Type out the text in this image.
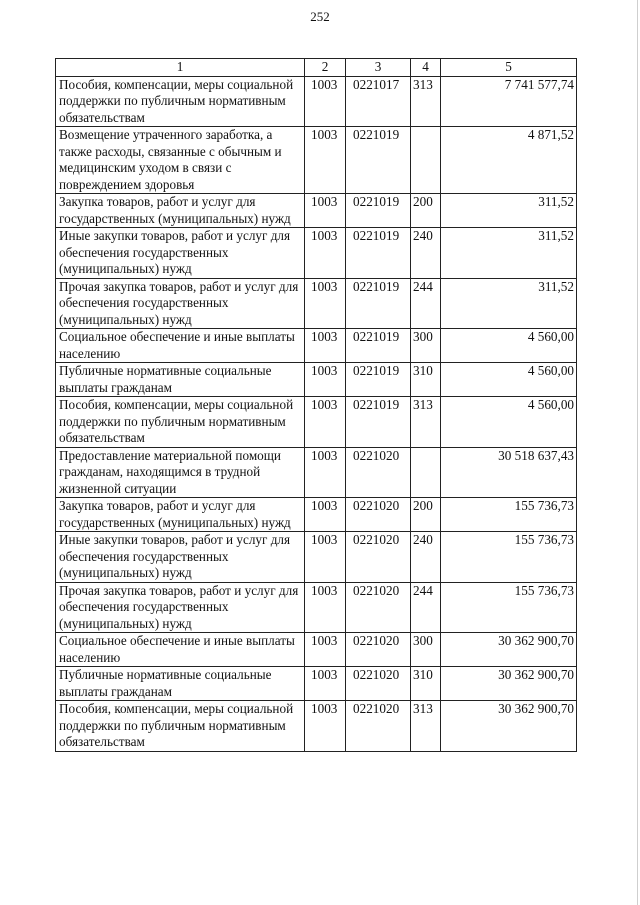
252
1	2	3	4	5
Пособия, компенсации, меры социальной поддержки по публичным нормативным обязательствам	1003	0221017	313	7 741 577,74
Возмещение утраченного заработка, а также расходы, связанные с обычным и медицинским уходом в связи с повреждением здоровья	1003	0221019		4 871,52
Закупка товаров, работ и услуг для государственных (муниципальных) нужд	1003	0221019	200	311,52
Иные закупки товаров, работ и услуг для обеспечения государственных (муниципальных) нужд	1003	0221019	240	311,52
Прочая закупка товаров, работ и услуг для обеспечения государственных (муниципальных) нужд	1003	0221019	244	311,52
Социальное обеспечение и иные выплаты населению	1003	0221019	300	4 560,00
Публичные нормативные социальные выплаты гражданам	1003	0221019	310	4 560,00
Пособия, компенсации, меры социальной поддержки по публичным нормативным обязательствам	1003	0221019	313	4 560,00
Предоставление материальной помощи гражданам, находящимся в трудной жизненной ситуации	1003	0221020		30 518 637,43
Закупка товаров, работ и услуг для государственных (муниципальных) нужд	1003	0221020	200	155 736,73
Иные закупки товаров, работ и услуг для обеспечения государственных (муниципальных) нужд	1003	0221020	240	155 736,73
Прочая закупка товаров, работ и услуг для обеспечения государственных (муниципальных) нужд	1003	0221020	244	155 736,73
Социальное обеспечение и иные выплаты населению	1003	0221020	300	30 362 900,70
Публичные нормативные социальные выплаты гражданам	1003	0221020	310	30 362 900,70
Пособия, компенсации, меры социальной поддержки по публичным нормативным обязательствам	1003	0221020	313	30 362 900,70
